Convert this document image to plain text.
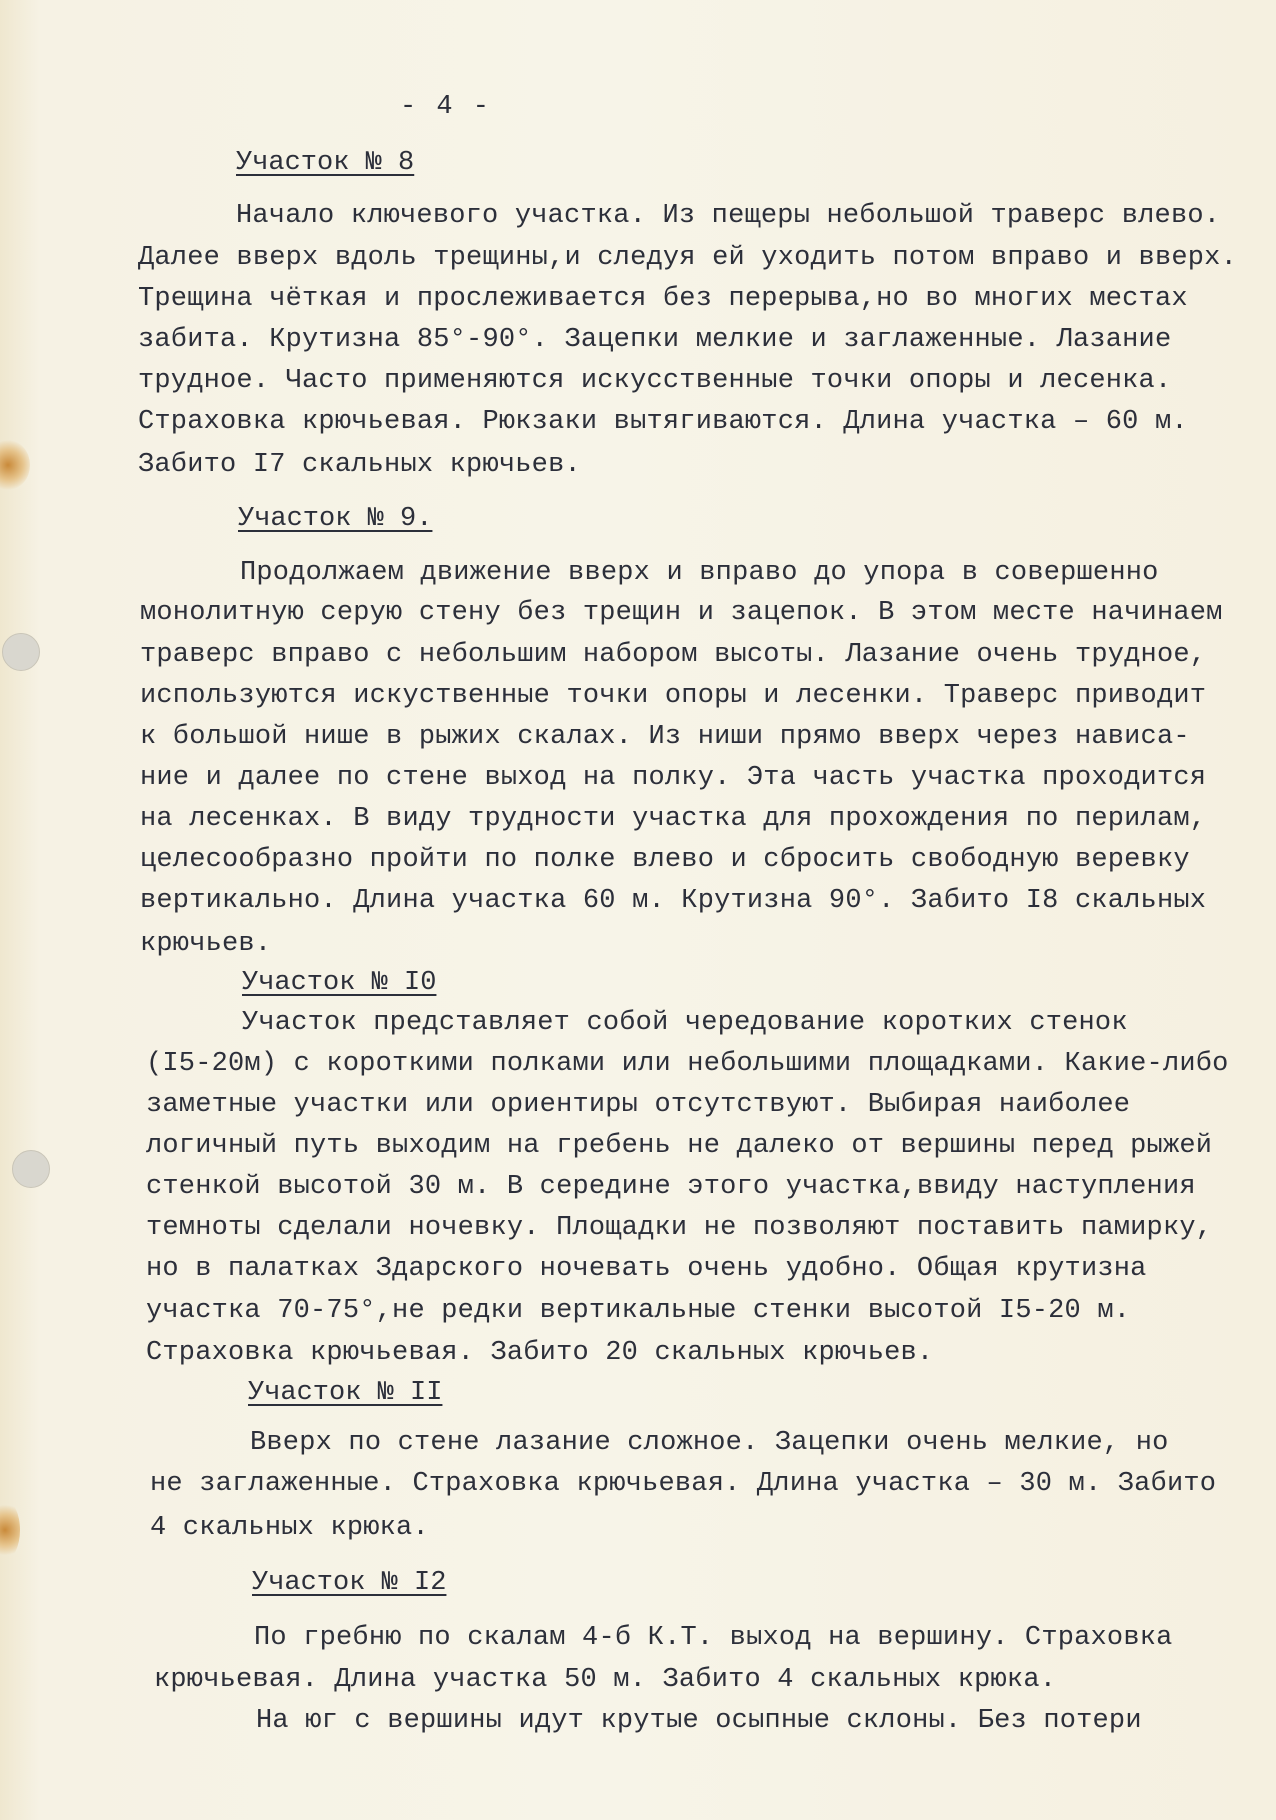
- 4 -
Участок № 8
Начало ключевого участка. Из пещеры небольшой траверс влево.
Далее вверх вдоль трещины,и следуя ей уходить потом вправо и вверх.
Трещина чёткая и прослеживается без перерыва,но во многих местах
забита. Крутизна 85°-90°. Зацепки мелкие и заглаженные. Лазание
трудное. Часто применяются искусственные точки опоры и лесенка.
Страховка крючьевая. Рюкзаки вытягиваются. Длина участка – 60 м.
Забито I7 скальных крючьев.
Участок № 9.
Продолжаем движение вверх и вправо до упора в совершенно
монолитную серую стену без трещин и зацепок. В этом месте начинаем
траверс вправо с небольшим набором высоты. Лазание очень трудное,
используются искуственные точки опоры и лесенки. Траверс приводит
к большой нише в рыжих скалах. Из ниши прямо вверх через нависа-
ние и далее по стене выход на полку. Эта часть участка проходится
на лесенках. В виду трудности участка для прохождения по перилам,
целесообразно пройти по полке влево и сбросить свободную веревку
вертикально. Длина участка 60 м. Крутизна 90°. Забито I8 скальных
крючьев.
Участок № I0
Участок представляет собой чередование коротких стенок
(I5-20м) с короткими полками или небольшими площадками. Какие-либо
заметные участки или ориентиры отсутствуют. Выбирая наиболее
логичный путь выходим на гребень не далеко от вершины перед рыжей
стенкой высотой 30 м. В середине этого участка,ввиду наступления
темноты сделали ночевку. Площадки не позволяют поставить памирку,
но в палатках Здарского ночевать очень удобно. Общая крутизна
участка 70-75°,не редки вертикальные стенки высотой I5-20 м.
Страховка крючьевая. Забито 20 скальных крючьев.
Участок № II
Вверх по стене лазание сложное. Зацепки очень мелкие, но
не заглаженные. Страховка крючьевая. Длина участка – 30 м. Забито
4 скальных крюка.
Участок № I2
По гребню по скалам 4-б К.Т. выход на вершину. Страховка
крючьевая. Длина участка 50 м. Забито 4 скальных крюка.
На юг с вершины идут крутые осыпные склоны. Без потери
